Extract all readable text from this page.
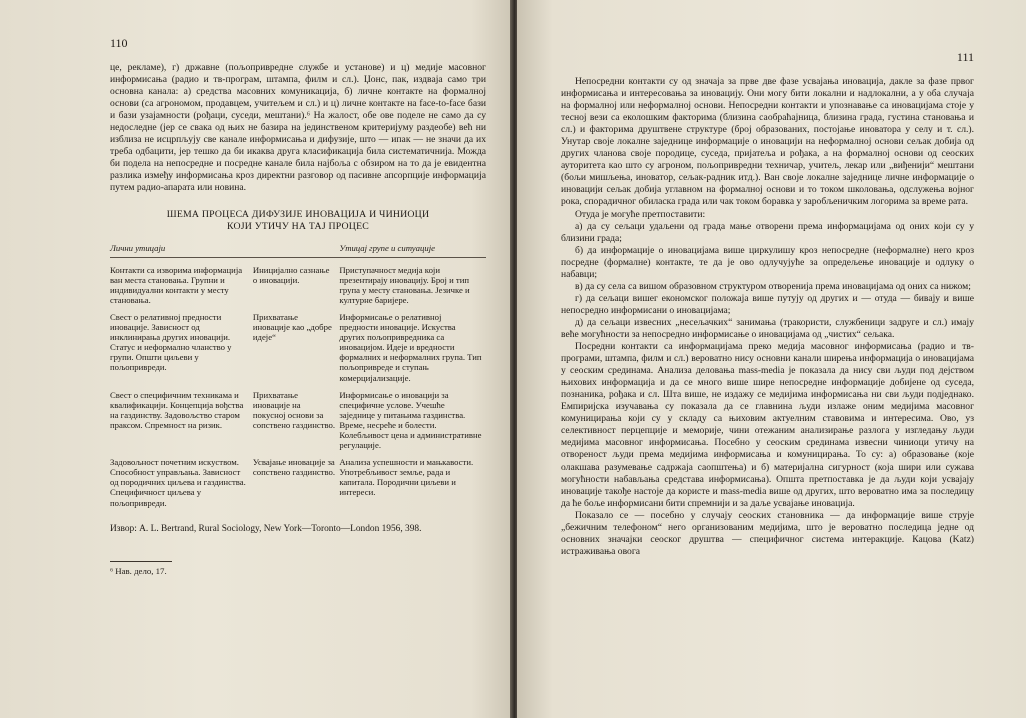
110

це, рекламе), г) државне (пољопривредне службе и установе) и ц) медије масовног информисања (радио и тв-програм, штампа, филм и сл.). Џонс, пак, издваја само три основна канала: а) средства масовних комуникација, б) личне контакте на формалној основи (са агрономом, продавцем, учитељем и сл.) и ц) личне контакте на face-to-face бази и бази узајамности (рођаци, суседи, мештани).⁶ На жалост, обе ове поделе не само да су недоследне (јер се свака од њих не базира на јединственом критеријуму раздеобе) већ ни изблиза не исцрпљују све канале информисања и дифузије, што — ипак — не значи да их треба одбацити, јер тешко да би икаква друга класификација била систематичнија. Можда би подела на непосредне и посредне канале била најбоља с обзиром на то да је евидентна разлика између информисања кроз директни разговор од пасивне апсорпције информација путем радио-апарата или новина.

ШЕМА ПРОЦЕСА ДИФУЗИЈЕ ИНОВАЦИЈА И ЧИНИОЦИ
КОЈИ УТИЧУ НА ТАЈ ПРОЦЕС
Лични утицаји		Утицај групе и ситуације
Контакти са изворима информација ван места становања. Групни и индивидуални контакти у месту становања.	Иницијално сазнање о иновацији.	Приступачност медија који презентирају иновацију. Број и тип група у месту становања. Језичке и културне баријере.
Свест о релативној предности иновације. Зависност од инклинирања других иновацији. Статус и неформално чланство у групи. Општи циљеви у пољопривреди.	Прихватање иновације као „добре идеје“	Информисање о релативној предности иновације. Искуства других пољопривредника са иновацијом. Идеје и вредности формалних и неформалних група. Тип пољопривреде и ступањ комерцијализације.
Свест о специфичним техникама и квалификацији. Концепција вођства на газдинству. Задовољство старом праксом. Спремност на ризик.	Прихватање иновације на покусној основи за сопствено газдинство.	Информисање о иновацији за специфичне услове. Учешће заједнице у питањима газдинства. Време, несреће и болести. Колебљивост цена и административне регулације.
Задовољност почетним искуством. Способност управљања. Зависност од породичних циљева и газдинства. Специфичност циљева у пољопривреди.	Усвајање иновације за сопствено газдинство.	Анализа успешности и мањкавости. Употребљивост земље, рада и капитала. Породични циљеви и интереси.

Извор: A. L. Bertrand, Rural Sociology, New York—Toronto—London 1956, 398.

⁶ Нав. дело, 17.

111

Непосредни контакти су од значаја за прве две фазе усвајања иновација, дакле за фазе првог информисања и интересовања за иновацију. Они могу бити локални и надлокални, а у оба случаја на формалној или неформалној основи. Непосредни контакти и упознавање са иновацијама стоје у тесној вези са еколошким факторима (близина саобраћајница, близина града, густина становања и сл.) и факторима друштвене структуре (број образованих, постојање иноватора у селу и т. сл.). Унутар своје локалне заједнице информације о иновацији на неформалној основи сељак добија од других чланова своје породице, суседа, пријатеља и рођака, а на формалној основи од сеоских ауторитета као што су агроном, пољопривредни техничар, учитељ, лекар или „виђенији“ мештани (бољи мишљења, иноватор, сељак-радник итд.). Ван своје локалне заједнице личне информације о иновацији сељак добија углавном на формалној основи и то током школовања, одслужења војног рока, спорадичног обиласка града или чак током боравка у заробљеничким логорима за време рата.

Отуда је могуће претпоставити:

а) да су сељаци удаљени од града мање отворени према информацијама од оних који су у близини града;

б) да информације о иновацијама више циркулишу кроз непосредне (неформалне) него кроз посредне (формалне) контакте, те да је ово одлучујуће за опредељење иновације и одлуку о набавци;

в) да су села са вишом образовном структуром отворенија према иновацијама од оних са нижом;

г) да сељаци вишег економског положаја више путују од других и — отуда — бивају и више непосредно информисани о иновацијама;

д) да сељаци извесних „несељачких“ занимања (тракористи, службеници задруге и сл.) имају веће могућности за непосредно информисање о иновацијама од „чистих“ сељака.

Посредни контакти са информацијама преко медија масовног информисања (радио и тв-програми, штампа, филм и сл.) вероватно нису основни канали ширења информација о иновацијама у сеоским срединама. Анализа деловања mass-media је показала да нису сви људи под дејством њихових информација и да се много више шире непосредне информације добијене од суседа, познаника, рођака и сл. Шта више, не издажу се медијима информисања ни сви људи подједнако. Емпиријска изучавања су показала да се главнина људи излаже оним медијима масовног комуницирања који су у складу са њиховим актуелним ставовима и интересима. Ово, уз селективност перцепције и меморије, чини отежаним анализирање разлога у изгледању људи медијима масовног информисања. Посебно у сеоским срединама извесни чиниоци утичу на отвореност људи према медијима информисања и комуницирања. То су: а) образовање (које олакшава разумевање садржаја саопштења) и б) материјална сигурност (која шири или сужава могућности набављања средстава информисања). Општа претпоставка је да људи који усвајају иновације такође настоје да користе и mass-media више од других, што вероватно има за последицу да ће боље информисани бити спремнији и за даље усвајање иновација.

Показало се — посебно у случају сеоских становника — да информације више струје „бежичним телефоном“ него организованим медијима, што је вероватно последица једне од основних значајки сеоског друштва — специфичног система интеракције. Кацова (Katz) истраживања овога
